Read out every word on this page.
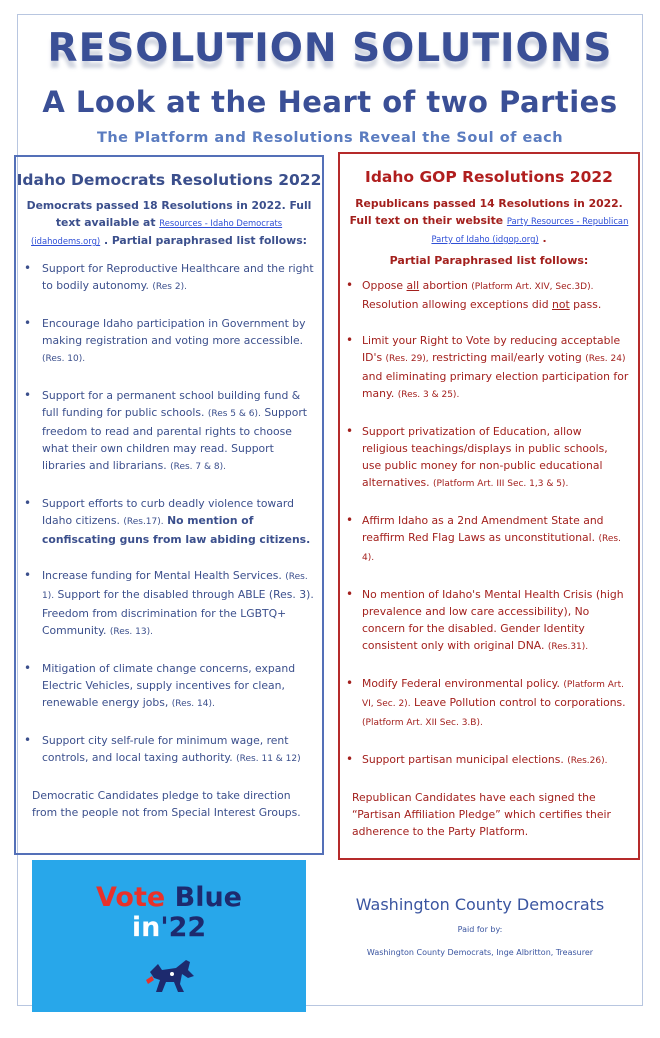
RESOLUTION SOLUTIONS
A Look at the Heart of two Parties
The Platform and Resolutions Reveal the Soul of each
Idaho Democrats Resolutions 2022
Democrats passed 18 Resolutions in 2022. Full text available at Resources - Idaho Democrats (idahodems.org) . Partial paraphrased list follows:
• Support for Reproductive Healthcare and the right to bodily autonomy. (Res 2).
• Encourage Idaho participation in Government by making registration and voting more accessible. (Res. 10).
• Support for a permanent school building fund & full funding for public schools. (Res 5 & 6). Support freedom to read and parental rights to choose what their own children may read. Support libraries and librarians. (Res. 7 & 8).
• Support efforts to curb deadly violence toward Idaho citizens. (Res.17). No mention of confiscating guns from law abiding citizens.
• Increase funding for Mental Health Services. (Res. 1). Support for the disabled through ABLE (Res. 3). Freedom from discrimination for the LGBTQ+ Community. (Res. 13).
• Mitigation of climate change concerns, expand Electric Vehicles, supply incentives for clean, renewable energy jobs, (Res. 14).
• Support city self-rule for minimum wage, rent controls, and local taxing authority. (Res. 11 & 12)
Democratic Candidates pledge to take direction from the people not from Special Interest Groups.
Idaho GOP Resolutions 2022
Republicans passed 14 Resolutions in 2022. Full text on their website Party Resources - Republican Party of Idaho (idgop.org) .
Partial Paraphrased list follows:
• Oppose all abortion (Platform Art. XIV, Sec.3D). Resolution allowing exceptions did not pass.
• Limit your Right to Vote by reducing acceptable ID's (Res. 29), restricting mail/early voting (Res. 24) and eliminating primary election participation for many. (Res. 3 & 25).
• Support privatization of Education, allow religious teachings/displays in public schools, use public money for non-public educational alternatives. (Platform Art. III Sec. 1,3 & 5).
• Affirm Idaho as a 2nd Amendment State and reaffirm Red Flag Laws as unconstitutional. (Res. 4).
• No mention of Idaho's Mental Health Crisis (high prevalence and low care accessibility), No concern for the disabled. Gender Identity consistent only with original DNA. (Res.31).
• Modify Federal environmental policy. (Platform Art. VI, Sec. 2). Leave Pollution control to corporations. (Platform Art. XII Sec. 3.B).
• Support partisan municipal elections. (Res.26).
Republican Candidates have each signed the “Partisan Affiliation Pledge” which certifies their adherence to the Party Platform.
Vote Blue
in'22
Washington County Democrats
Paid for by:
Washington County Democrats, Inge Albritton, Treasurer
